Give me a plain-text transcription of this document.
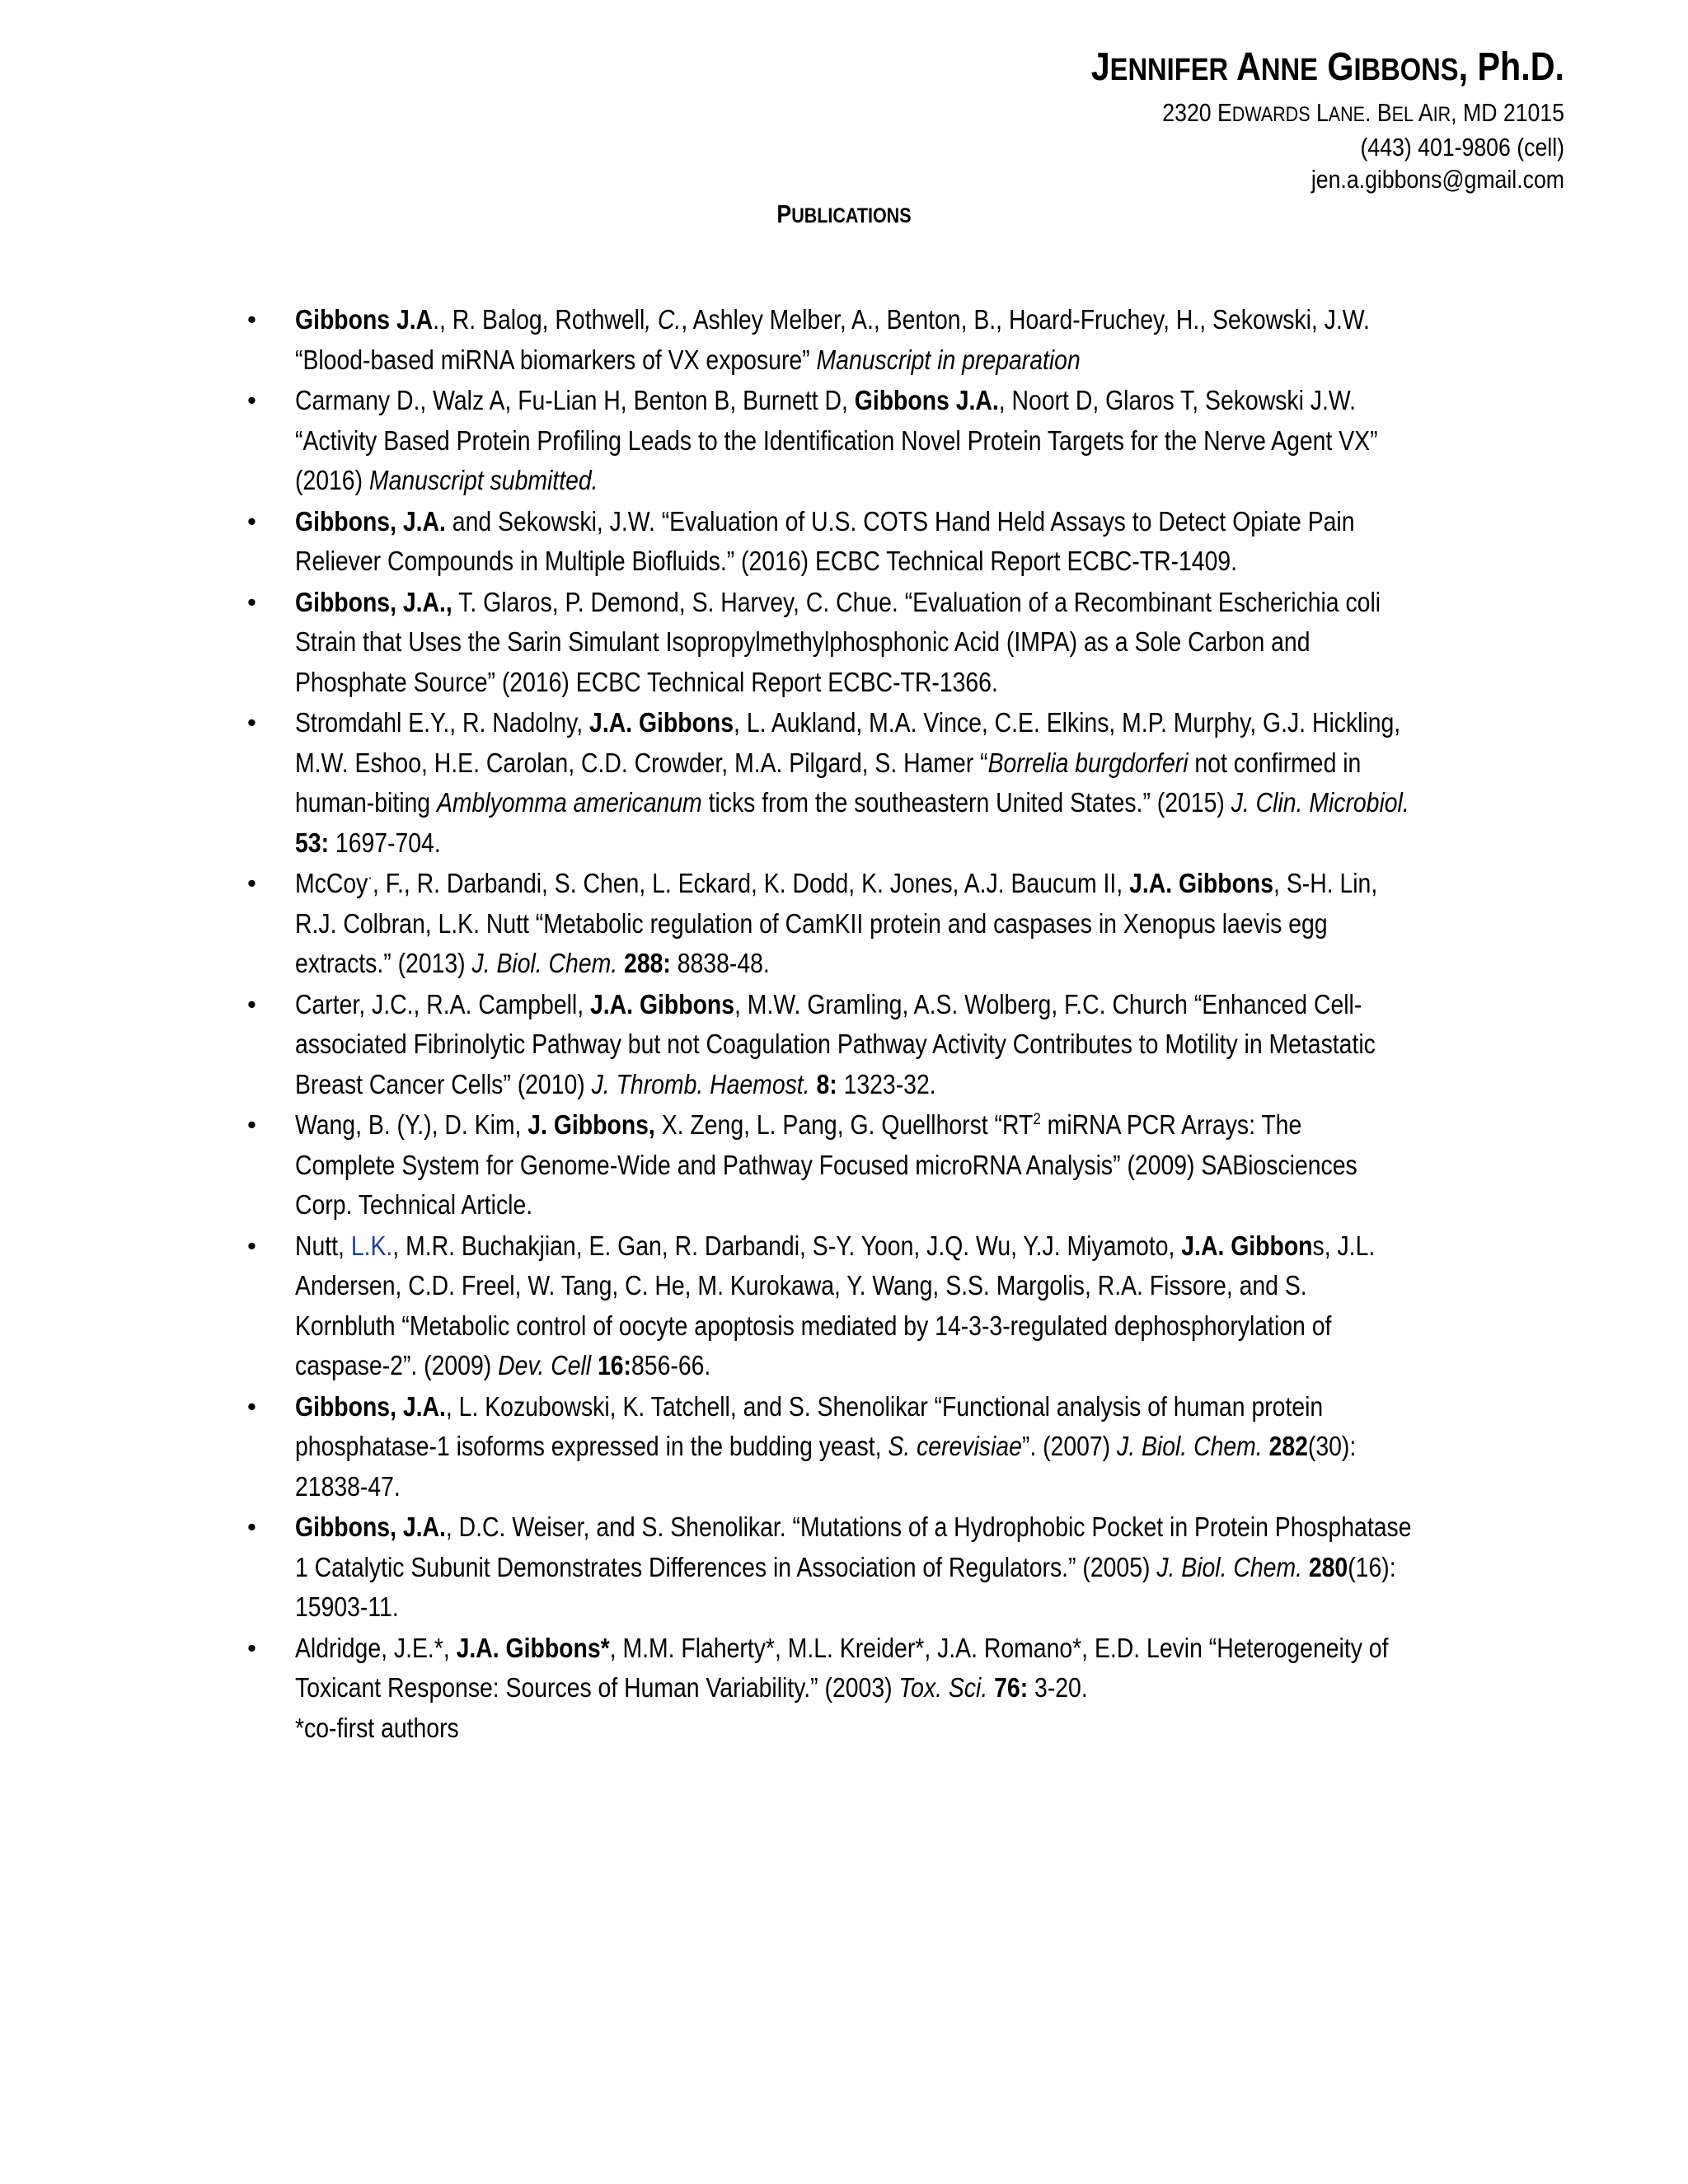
JENNIFER ANNE GIBBONS, Ph.D.
2320 EDWARDS LANE. BEL AIR, MD 21015
(443) 401-9806 (cell)
jen.a.gibbons@gmail.com
PUBLICATIONS
• Gibbons J.A., R. Balog, Rothwell, C., Ashley Melber, A., Benton, B., Hoard-Fruchey, H., Sekowski, J.W.
“Blood-based miRNA biomarkers of VX exposure” Manuscript in preparation
• Carmany D., Walz A, Fu-Lian H, Benton B, Burnett D, Gibbons J.A., Noort D, Glaros T, Sekowski J.W.
“Activity Based Protein Profiling Leads to the Identification Novel Protein Targets for the Nerve Agent VX”
(2016) Manuscript submitted.
• Gibbons, J.A. and Sekowski, J.W. “Evaluation of U.S. COTS Hand Held Assays to Detect Opiate Pain
Reliever Compounds in Multiple Biofluids.” (2016) ECBC Technical Report ECBC-TR-1409.
• Gibbons, J.A., T. Glaros, P. Demond, S. Harvey, C. Chue. “Evaluation of a Recombinant Escherichia coli
Strain that Uses the Sarin Simulant Isopropylmethylphosphonic Acid (IMPA) as a Sole Carbon and
Phosphate Source” (2016) ECBC Technical Report ECBC-TR-1366.
• Stromdahl E.Y., R. Nadolny, J.A. Gibbons, L. Aukland, M.A. Vince, C.E. Elkins, M.P. Murphy, G.J. Hickling,
M.W. Eshoo, H.E. Carolan, C.D. Crowder, M.A. Pilgard, S. Hamer “Borrelia burgdorferi not confirmed in
human-biting Amblyomma americanum ticks from the southeastern United States.” (2015) J. Clin. Microbiol.
53: 1697-704.
• McCoy·, F., R. Darbandi, S. Chen, L. Eckard, K. Dodd, K. Jones, A.J. Baucum II, J.A. Gibbons, S-H. Lin,
R.J. Colbran, L.K. Nutt “Metabolic regulation of CamKII protein and caspases in Xenopus laevis egg
extracts.” (2013) J. Biol. Chem. 288: 8838-48.
• Carter, J.C., R.A. Campbell, J.A. Gibbons, M.W. Gramling, A.S. Wolberg, F.C. Church “Enhanced Cell-
associated Fibrinolytic Pathway but not Coagulation Pathway Activity Contributes to Motility in Metastatic
Breast Cancer Cells” (2010) J. Thromb. Haemost. 8: 1323-32.
• Wang, B. (Y.), D. Kim, J. Gibbons, X. Zeng, L. Pang, G. Quellhorst “$RT^2$ miRNA PCR Arrays: The
Complete System for Genome-Wide and Pathway Focused microRNA Analysis” (2009) SABiosciences
Corp. Technical Article.
• Nutt, L.K., M.R. Buchakjian, E. Gan, R. Darbandi, S-Y. Yoon, J.Q. Wu, Y.J. Miyamoto, J.A. Gibbons, J.L.
Andersen, C.D. Freel, W. Tang, C. He, M. Kurokawa, Y. Wang, S.S. Margolis, R.A. Fissore, and S.
Kornbluth “Metabolic control of oocyte apoptosis mediated by 14-3-3-regulated dephosphorylation of
caspase-2”. (2009) Dev. Cell 16:856-66.
• Gibbons, J.A., L. Kozubowski, K. Tatchell, and S. Shenolikar “Functional analysis of human protein
phosphatase-1 isoforms expressed in the budding yeast, S. cerevisiae”. (2007) J. Biol. Chem. 282(30):
21838-47.
• Gibbons, J.A., D.C. Weiser, and S. Shenolikar. “Mutations of a Hydrophobic Pocket in Protein Phosphatase
1 Catalytic Subunit Demonstrates Differences in Association of Regulators.” (2005) J. Biol. Chem. 280(16):
15903-11.
• Aldridge, J.E.*, J.A. Gibbons*, M.M. Flaherty*, M.L. Kreider*, J.A. Romano*, E.D. Levin “Heterogeneity of
Toxicant Response: Sources of Human Variability.” (2003) Tox. Sci. 76: 3-20.
*co-first authors
